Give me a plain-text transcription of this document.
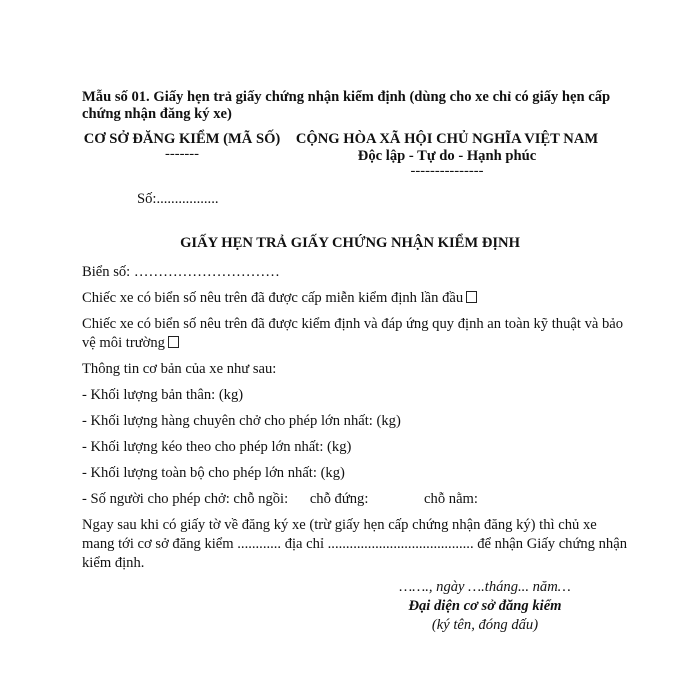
Mẫu số 01. Giấy hẹn trả giấy chứng nhận kiểm định (dùng cho xe chỉ có giấy hẹn cấp chứng nhận đăng ký xe)
CƠ SỞ ĐĂNG KIỂM (MÃ SỐ)
-------
CỘNG HÒA XÃ HỘI CHỦ NGHĨA VIỆT NAM
Độc lập - Tự do - Hạnh phúc
---------------
Số:.................
GIẤY HẸN TRẢ GIẤY CHỨNG NHẬN KIỂM ĐỊNH

Biển số: …………………………

Chiếc xe có biển số nêu trên đã được cấp miễn kiểm định lần đầu

Chiếc xe có biển số nêu trên đã được kiểm định và đáp ứng quy định an toàn kỹ thuật và bảo vệ môi trường

Thông tin cơ bản của xe như sau:

- Khối lượng bản thân: (kg)

- Khối lượng hàng chuyên chở cho phép lớn nhất: (kg)

- Khối lượng kéo theo cho phép lớn nhất: (kg)

- Khối lượng toàn bộ cho phép lớn nhất: (kg)

- Số người cho phép chở: chỗ ngồi: chỗ đứng:	chỗ nằm:

Ngay sau khi có giấy tờ về đăng ký xe (trừ giấy hẹn cấp chứng nhận đăng ký) thì chủ xe mang tới cơ sở đăng kiểm ............ địa chỉ ........................................ để nhận Giấy chứng nhận kiểm định.

……., ngày ….tháng... năm…
Đại diện cơ sở đăng kiểm
(ký tên, đóng dấu)
